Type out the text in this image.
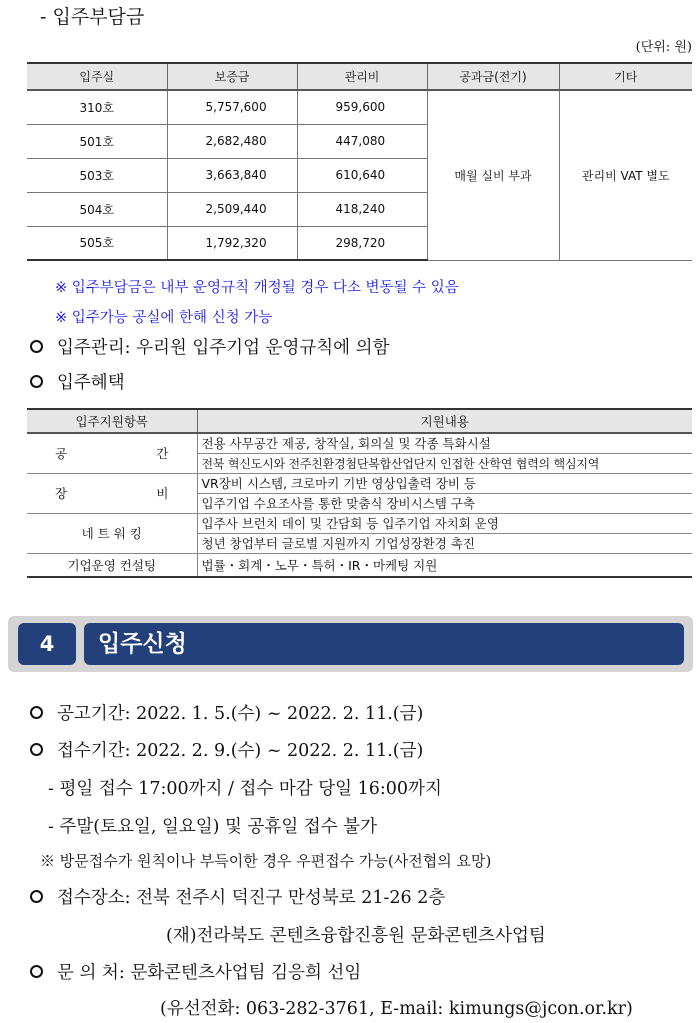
- 입주부담금
(단위: 원)
입주실	보증금	관리비	공과금(전기)	기타
310호	5,757,600	959,600	매월 실비 부과	관리비 VAT 별도
501호	2,682,480	447,080		
503호	3,663,840	610,640		
504호	2,509,440	418,240		
505호	1,792,320	298,720		
※ 입주부담금은 내부 운영규칙 개정될 경우 다소 변동될 수 있음
※ 입주가능 공실에 한해 신청 가능
입주관리: 우리원 입주기업 운영규칙에 의함
입주혜택
입주지원항목	지원내용
공 간	전용 사무공간 제공, 창작실, 회의실 및 각종 특화시설
	전북 혁신도시와 전주친환경첨단복합산업단지 인접한 산학연 협력의 핵심지역
장 비	VR장비 시스템, 크로마키 기반 영상입출력 장비 등
	입주기업 수요조사를 통한 맞춤식 장비시스템 구축
네 트 워 킹	입주사 브런치 데이 및 간담회 등 입주기업 자치회 운영
	청년 창업부터 글로벌 지원까지 기업성장환경 촉진
기업운영 컨설팅	법률・회계・노무・특허・IR・마케팅 지원
4	입주신청
공고기간: 2022. 1. 5.(수) ~ 2022. 2. 11.(금)
접수기간: 2022. 2. 9.(수) ~ 2022. 2. 11.(금)
- 평일 접수 17:00까지 / 접수 마감 당일 16:00까지
- 주말(토요일, 일요일) 및 공휴일 접수 불가
※ 방문접수가 원칙이나 부득이한 경우 우편접수 가능(사전협의 요망)
접수장소: 전북 전주시 덕진구 만성북로 21-26 2층
(재)전라북도 콘텐츠융합진흥원 문화콘텐츠사업팀
문 의 처: 문화콘텐츠사업팀 김응희 선임
(유선전화: 063-282-3761, E-mail: kimungs@jcon.or.kr)
